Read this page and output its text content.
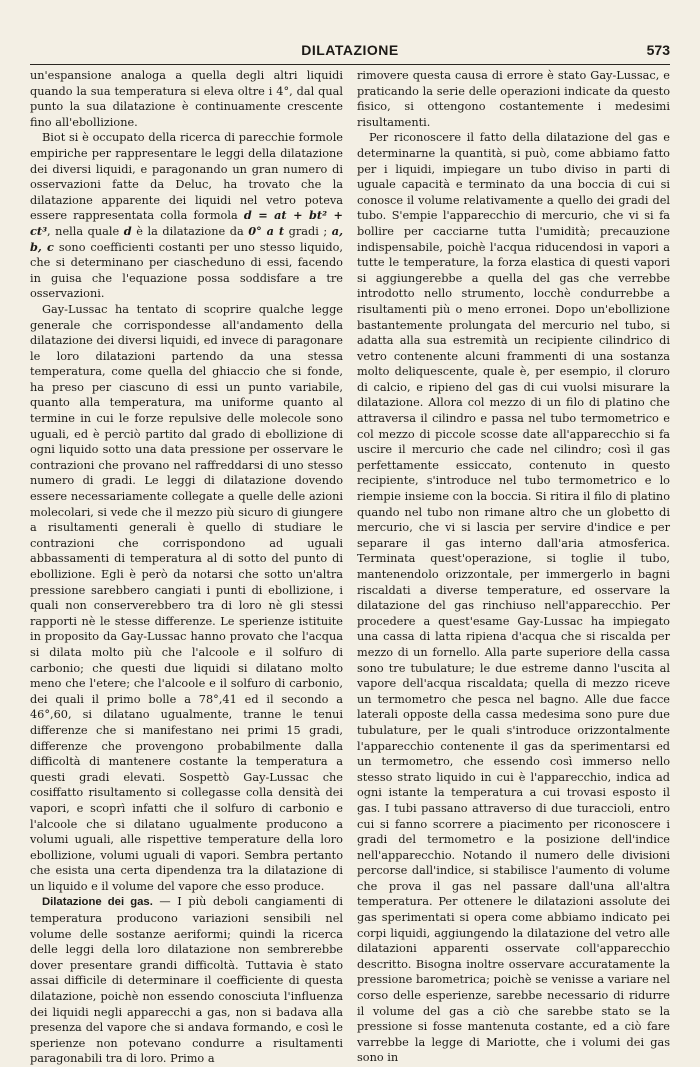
DILATAZIONE	573

un'espansione analoga a quella degli altri liquidi quando la sua temperatura si eleva oltre i 4°, dal qual punto la sua dilatazione è continuamente crescente fino all'ebollizione.

Biot si è occupato della ricerca di parecchie formole empiriche per rappresentare le leggi della dilatazione dei diversi liquidi, e paragonando un gran numero di osservazioni fatte da Deluc, ha trovato che la dilatazione apparente dei liquidi nel vetro poteva essere rappresentata colla formola d = at + bt² + ct³, nella quale d è la dilatazione da 0° a t gradi ; a, b, c sono coefficienti costanti per uno stesso liquido, che si determinano per ciascheduno di essi, facendo in guisa che l'equazione possa soddisfare a tre osservazioni.

Gay-Lussac ha tentato di scoprire qualche legge generale che corrispondesse all'andamento della dilatazione dei diversi liquidi, ed invece di paragonare le loro dilatazioni partendo da una stessa temperatura, come quella del ghiaccio che si fonde, ha preso per ciascuno di essi un punto variabile, quanto alla temperatura, ma uniforme quanto al termine in cui le forze repulsive delle molecole sono uguali, ed è perciò partito dal grado di ebollizione di ogni liquido sotto una data pressione per osservare le contrazioni che provano nel raffreddarsi di uno stesso numero di gradi. Le leggi di dilatazione dovendo essere necessariamente collegate a quelle delle azioni molecolari, si vede che il mezzo più sicuro di giungere a risultamenti generali è quello di studiare le contrazioni che corrispondono ad uguali abbassamenti di temperatura al di sotto del punto di ebollizione. Egli è però da notarsi che sotto un'altra pressione sarebbero cangiati i punti di ebollizione, i quali non conserverebbero tra di loro nè gli stessi rapporti nè le stesse differenze. Le sperienze istituite in proposito da Gay-Lussac hanno provato che l'acqua si dilata molto più che l'alcoole e il solfuro di carbonio; che questi due liquidi si dilatano molto meno che l'etere; che l'alcoole e il solfuro di carbonio, dei quali il primo bolle a 78°,41 ed il secondo a 46°,60, si dilatano ugualmente, tranne le tenui differenze che si manifestano nei primi 15 gradi, differenze che provengono probabilmente dalla difficoltà di mantenere costante la temperatura a questi gradi elevati. Sospettò Gay-Lussac che cosiffatto risultamento si collegasse colla densità dei vapori, e scoprì infatti che il solfuro di carbonio e l'alcoole che si dilatano ugualmente producono a volumi uguali, alle rispettive temperature della loro ebollizione, volumi uguali di vapori. Sembra pertanto che esista una certa dipendenza tra la dilatazione di un liquido e il volume del vapore che esso produce.

Dilatazione dei gas. — I più deboli cangiamenti di temperatura producono variazioni sensibili nel volume delle sostanze aeriformi; quindi la ricerca delle leggi della loro dilatazione non sembrerebbe dover presentare grandi difficoltà. Tuttavia è stato assai difficile di determinare il coefficiente di questa dilatazione, poichè non essendo conosciuta l'influenza dei liquidi negli apparecchi a gas, non si badava alla presenza del vapore che si andava formando, e così le sperienze non potevano condurre a risultamenti paragonabili tra di loro. Primo a

rimovere questa causa di errore è stato Gay-Lussac, e praticando la serie delle operazioni indicate da questo fisico, si ottengono costantemente i medesimi risultamenti.

Per riconoscere il fatto della dilatazione del gas e determinarne la quantità, si può, come abbiamo fatto per i liquidi, impiegare un tubo diviso in parti di uguale capacità e terminato da una boccia di cui si conosce il volume relativamente a quello dei gradi del tubo. S'empie l'apparecchio di mercurio, che vi si fa bollire per cacciarne tutta l'umidità; precauzione indispensabile, poichè l'acqua riducendosi in vapori a tutte le temperature, la forza elastica di questi vapori si aggiungerebbe a quella del gas che verrebbe introdotto nello strumento, locchè condurrebbe a risultamenti più o meno erronei. Dopo un'ebollizione bastantemente prolungata del mercurio nel tubo, si adatta alla sua estremità un recipiente cilindrico di vetro contenente alcuni frammenti di una sostanza molto deliquescente, quale è, per esempio, il cloruro di calcio, e ripieno del gas di cui vuolsi misurare la dilatazione. Allora col mezzo di un filo di platino che attraversa il cilindro e passa nel tubo termometrico e col mezzo di piccole scosse date all'apparecchio si fa uscire il mercurio che cade nel cilindro; così il gas perfettamente essiccato, contenuto in questo recipiente, s'introduce nel tubo termometrico e lo riempie insieme con la boccia. Si ritira il filo di platino quando nel tubo non rimane altro che un globetto di mercurio, che vi si lascia per servire d'indice e per separare il gas interno dall'aria atmosferica. Terminata quest'operazione, si toglie il tubo, mantenendolo orizzontale, per immergerlo in bagni riscaldati a diverse temperature, ed osservare la dilatazione del gas rinchiuso nell'apparecchio. Per procedere a quest'esame Gay-Lussac ha impiegato una cassa di latta ripiena d'acqua che si riscalda per mezzo di un fornello. Alla parte superiore della cassa sono tre tubulature; le due estreme danno l'uscita al vapore dell'acqua riscaldata; quella di mezzo riceve un termometro che pesca nel bagno. Alle due facce laterali opposte della cassa medesima sono pure due tubulature, per le quali s'introduce orizzontalmente l'apparecchio contenente il gas da sperimentarsi ed un termometro, che essendo così immerso nello stesso strato liquido in cui è l'apparecchio, indica ad ogni istante la temperatura a cui trovasi esposto il gas. I tubi passano attraverso di due turaccioli, entro cui si fanno scorrere a piacimento per riconoscere i gradi del termometro e la posizione dell'indice nell'apparecchio. Notando il numero delle divisioni percorse dall'indice, si stabilisce l'aumento di volume che prova il gas nel passare dall'una all'altra temperatura. Per ottenere le dilatazioni assolute dei gas sperimentati si opera come abbiamo indicato pei corpi liquidi, aggiungendo la dilatazione del vetro alle dilatazioni apparenti osservate coll'apparecchio descritto. Bisogna inoltre osservare accuratamente la pressione barometrica; poichè se venisse a variare nel corso delle esperienze, sarebbe necessario di ridurre il volume del gas a ciò che sarebbe stato se la pressione si fosse mantenuta costante, ed a ciò fare varrebbe la legge di Mariotte, che i volumi dei gas sono in
